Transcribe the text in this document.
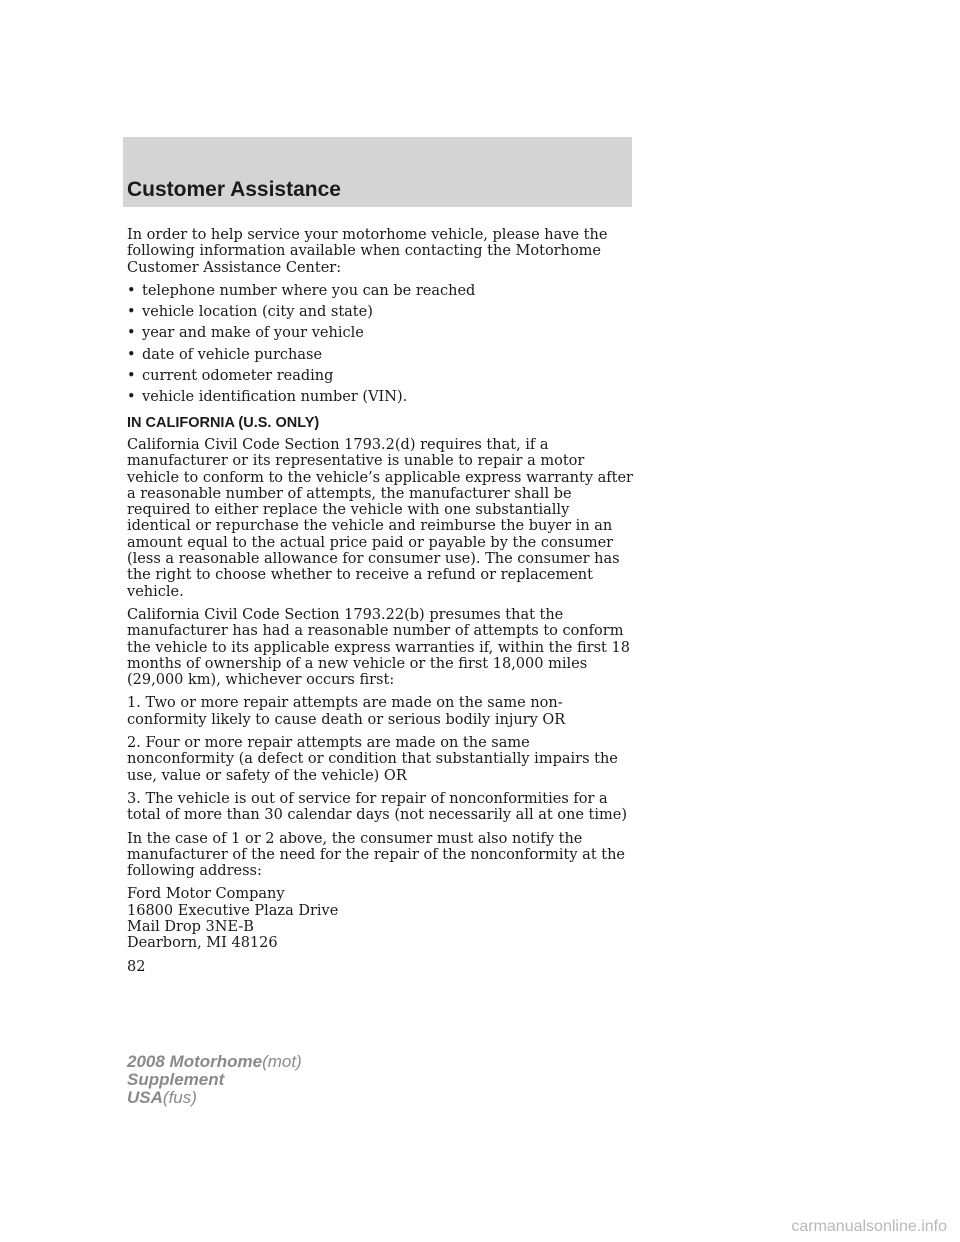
Customer Assistance

In order to help service your motorhome vehicle, please have the following information available when contacting the Motorhome Customer Assistance Center:

• telephone number where you can be reached
• vehicle location (city and state)
• year and make of your vehicle
• date of vehicle purchase
• current odometer reading
• vehicle identification number (VIN).
IN CALIFORNIA (U.S. ONLY)

California Civil Code Section 1793.2(d) requires that, if a manufacturer or its representative is unable to repair a motor vehicle to conform to the vehicle’s applicable express warranty after a reasonable number of attempts, the manufacturer shall be required to either replace the vehicle with one substantially identical or repurchase the vehicle and reimburse the buyer in an amount equal to the actual price paid or payable by the consumer (less a reasonable allowance for consumer use). The consumer has the right to choose whether to receive a refund or replacement vehicle.

California Civil Code Section 1793.22(b) presumes that the manufacturer has had a reasonable number of attempts to conform the vehicle to its applicable express warranties if, within the first 18 months of ownership of a new vehicle or the first 18,000 miles (29,000 km), whichever occurs first:

1. Two or more repair attempts are made on the same non-conformity likely to cause death or serious bodily injury OR

2. Four or more repair attempts are made on the same nonconformity (a defect or condition that substantially impairs the use, value or safety of the vehicle) OR

3. The vehicle is out of service for repair of nonconformities for a total of more than 30 calendar days (not necessarily all at one time)

In the case of 1 or 2 above, the consumer must also notify the manufacturer of the need for the repair of the nonconformity at the following address:

Ford Motor Company
16800 Executive Plaza Drive
Mail Drop 3NE-B
Dearborn, MI 48126

82
2008 Motorhome(mot)
Supplement
USA(fus)
carmanualsonline.info
